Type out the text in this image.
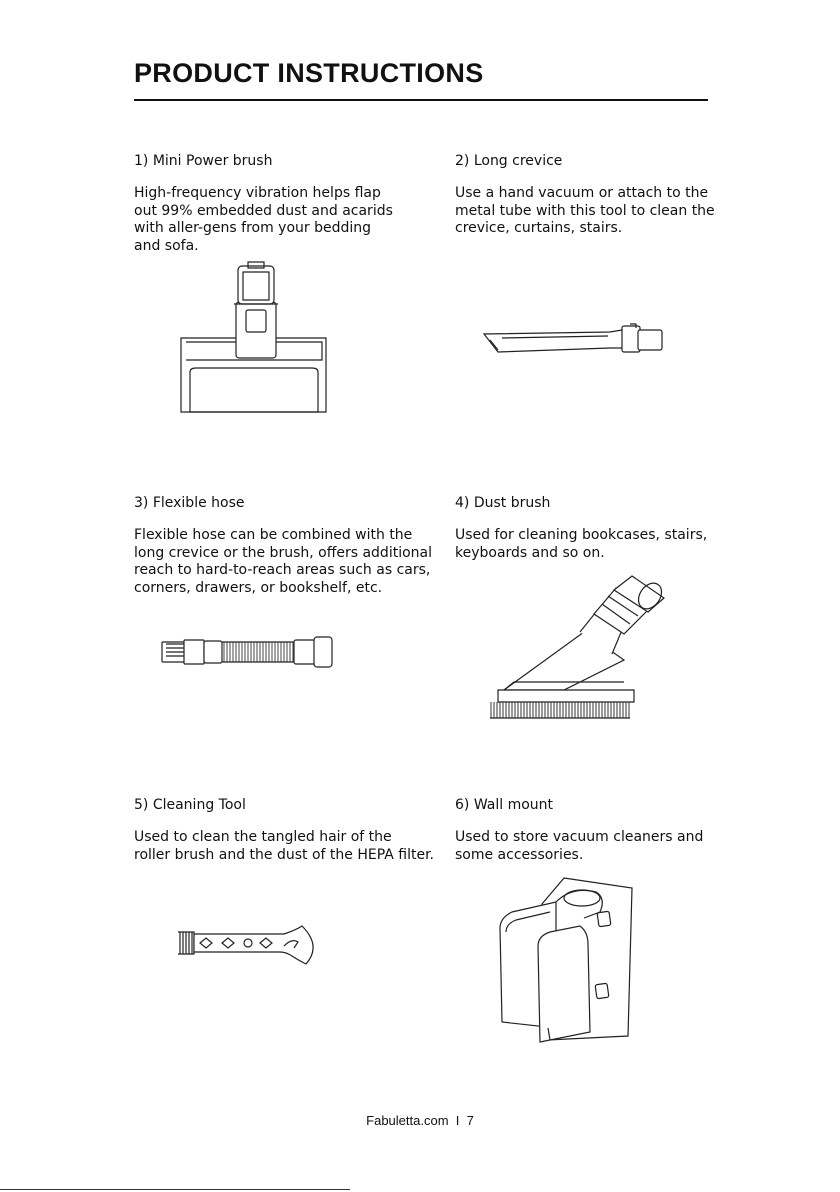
PRODUCT INSTRUCTIONS

1) Mini Power brush

High-frequency vibration helps flap
out 99% embedded dust and acarids
with aller-gens from your bedding
and sofa.

2) Long crevice

Use a hand vacuum or attach to the
metal tube with this tool to clean the
crevice, curtains, stairs.

3) Flexible hose

Flexible hose can be combined with the
long crevice or the brush, offers additional
reach to hard-to-reach areas such as cars,
corners, drawers, or bookshelf, etc.

4) Dust brush

Used for cleaning bookcases, stairs,
keyboards and so on.

5) Cleaning Tool

Used to clean the tangled hair of the
roller brush and the dust of the HEPA filter.

6) Wall mount

Used to store vacuum cleaners and
some accessories.

Fabuletta.com  I  7
